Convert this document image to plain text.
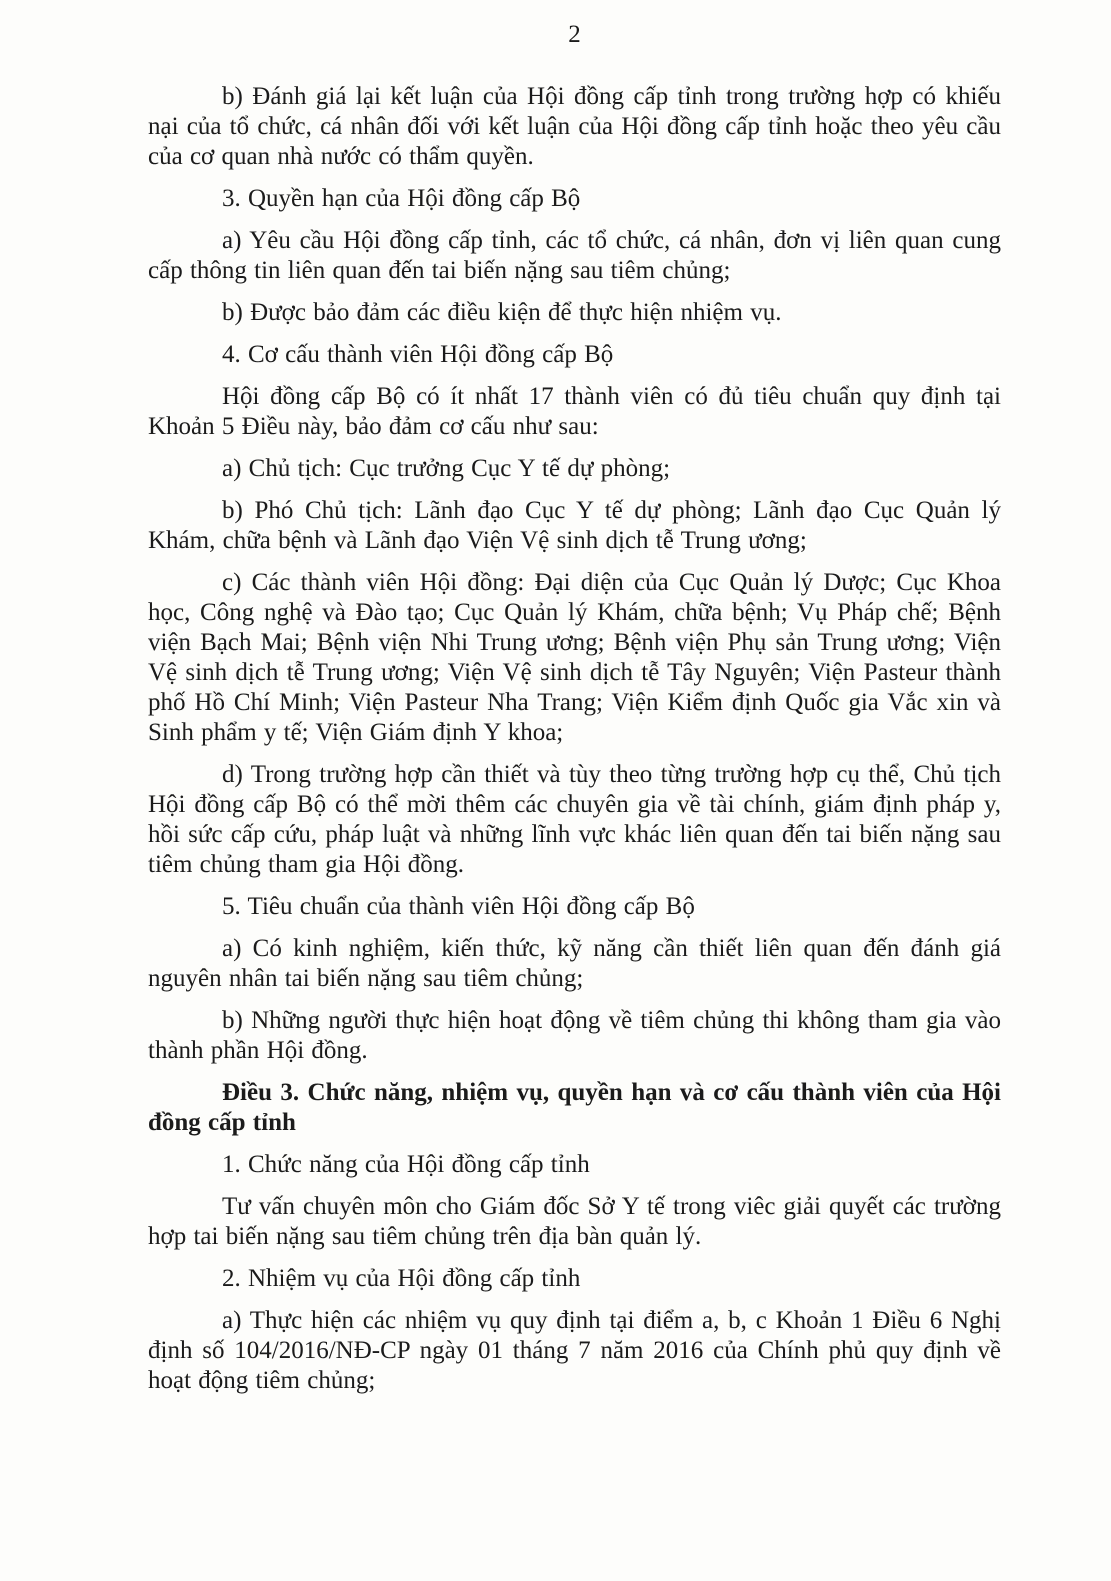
2

b) Đánh giá lại kết luận của Hội đồng cấp tỉnh trong trường hợp có khiếu nại của tổ chức, cá nhân đối với kết luận của Hội đồng cấp tỉnh hoặc theo yêu cầu của cơ quan nhà nước có thẩm quyền.

3. Quyền hạn của Hội đồng cấp Bộ

a) Yêu cầu Hội đồng cấp tỉnh, các tổ chức, cá nhân, đơn vị liên quan cung cấp thông tin liên quan đến tai biến nặng sau tiêm chủng;

b) Được bảo đảm các điều kiện để thực hiện nhiệm vụ.

4. Cơ cấu thành viên Hội đồng cấp Bộ

Hội đồng cấp Bộ có ít nhất 17 thành viên có đủ tiêu chuẩn quy định tại Khoản 5 Điều này, bảo đảm cơ cấu như sau:

a) Chủ tịch: Cục trưởng Cục Y tế dự phòng;

b) Phó Chủ tịch: Lãnh đạo Cục Y tế dự phòng; Lãnh đạo Cục Quản lý Khám, chữa bệnh và Lãnh đạo Viện Vệ sinh dịch tễ Trung ương;

c) Các thành viên Hội đồng: Đại diện của Cục Quản lý Dược; Cục Khoa học, Công nghệ và Đào tạo; Cục Quản lý Khám, chữa bệnh; Vụ Pháp chế; Bệnh viện Bạch Mai; Bệnh viện Nhi Trung ương; Bệnh viện Phụ sản Trung ương; Viện Vệ sinh dịch tễ Trung ương; Viện Vệ sinh dịch tễ Tây Nguyên; Viện Pasteur thành phố Hồ Chí Minh; Viện Pasteur Nha Trang; Viện Kiểm định Quốc gia Vắc xin và Sinh phẩm y tế; Viện Giám định Y khoa;

d) Trong trường hợp cần thiết và tùy theo từng trường hợp cụ thể, Chủ tịch Hội đồng cấp Bộ có thể mời thêm các chuyên gia về tài chính, giám định pháp y, hồi sức cấp cứu, pháp luật và những lĩnh vực khác liên quan đến tai biến nặng sau tiêm chủng tham gia Hội đồng.

5. Tiêu chuẩn của thành viên Hội đồng cấp Bộ

a) Có kinh nghiệm, kiến thức, kỹ năng cần thiết liên quan đến đánh giá nguyên nhân tai biến nặng sau tiêm chủng;

b) Những người thực hiện hoạt động về tiêm chủng thi không tham gia vào thành phần Hội đồng.

Điều 3. Chức năng, nhiệm vụ, quyền hạn và cơ cấu thành viên của Hội đồng cấp tỉnh

1. Chức năng của Hội đồng cấp tỉnh

Tư vấn chuyên môn cho Giám đốc Sở Y tế trong viêc giải quyết các trường hợp tai biến nặng sau tiêm chủng trên địa bàn quản lý.

2. Nhiệm vụ của Hội đồng cấp tỉnh

a) Thực hiện các nhiệm vụ quy định tại điểm a, b, c Khoản 1 Điều 6 Nghị định số 104/2016/NĐ-CP ngày 01 tháng 7 năm 2016 của Chính phủ quy định về hoạt động tiêm chủng;
